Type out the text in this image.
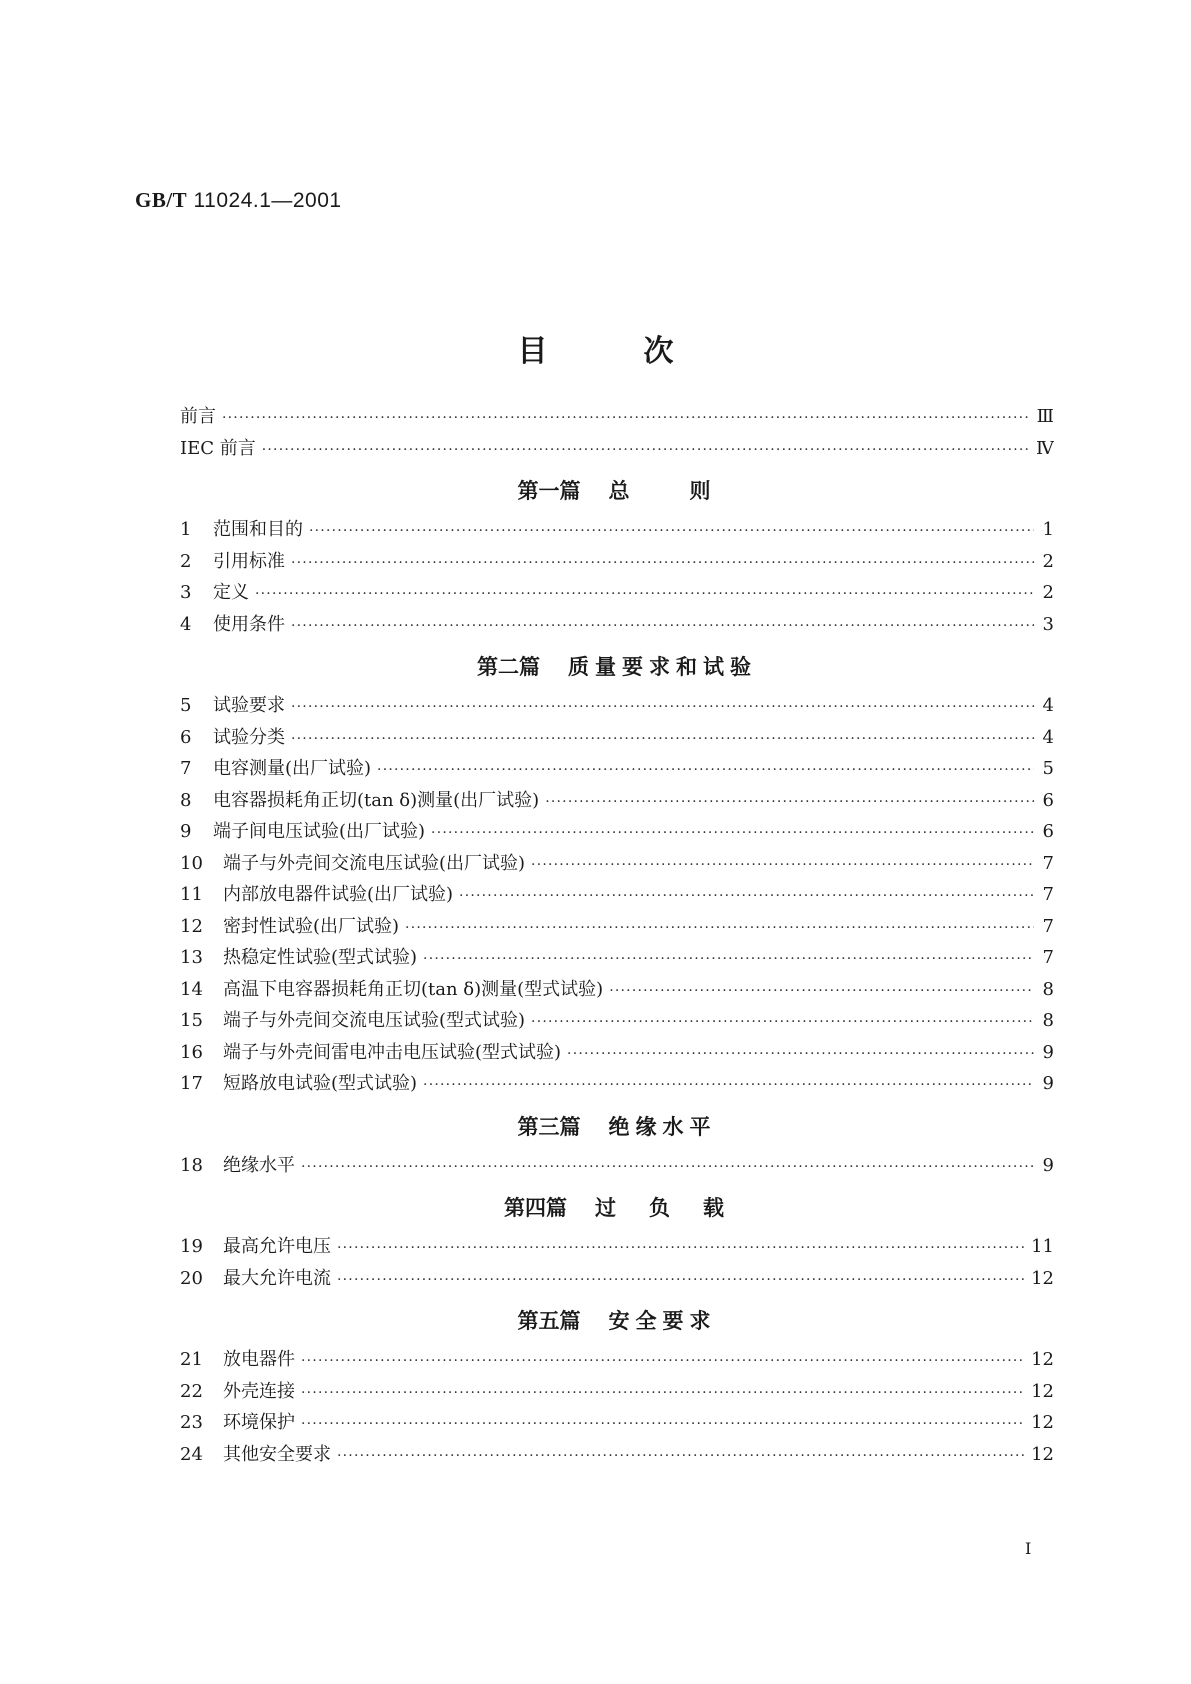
GB/T 11024.1—2001
目	次
前言 ·····	Ⅲ
IEC 前言 ·····	Ⅳ
第一篇 总　　则
1	范围和目的 ·····	1
2	引用标准 ·····	2
3	定义 ·····	2
4	使用条件 ·····	3
第二篇 质量要求和试验
5	试验要求 ·····	4
6	试验分类 ·····	4
7	电容测量(出厂试验) ·····	5
8	电容器损耗角正切(tan δ)测量(出厂试验) ·····	6
9	端子间电压试验(出厂试验) ·····	6
10	端子与外壳间交流电压试验(出厂试验) ·····	7
11	内部放电器件试验(出厂试验) ·····	7
12	密封性试验(出厂试验) ·····	7
13	热稳定性试验(型式试验) ·····	7
14	高温下电容器损耗角正切(tan δ)测量(型式试验) ·····	8
15	端子与外壳间交流电压试验(型式试验) ·····	8
16	端子与外壳间雷电冲击电压试验(型式试验) ·····	9
17	短路放电试验(型式试验) ·····	9
第三篇 绝缘水平
18	绝缘水平 ·····	9
第四篇 过　负　载
19	最高允许电压 ·····	11
20	最大允许电流 ·····	12
第五篇 安全要求
21	放电器件 ·····	12
22	外壳连接 ·····	12
23	环境保护 ·····	12
24	其他安全要求 ·····	12
Ⅰ
